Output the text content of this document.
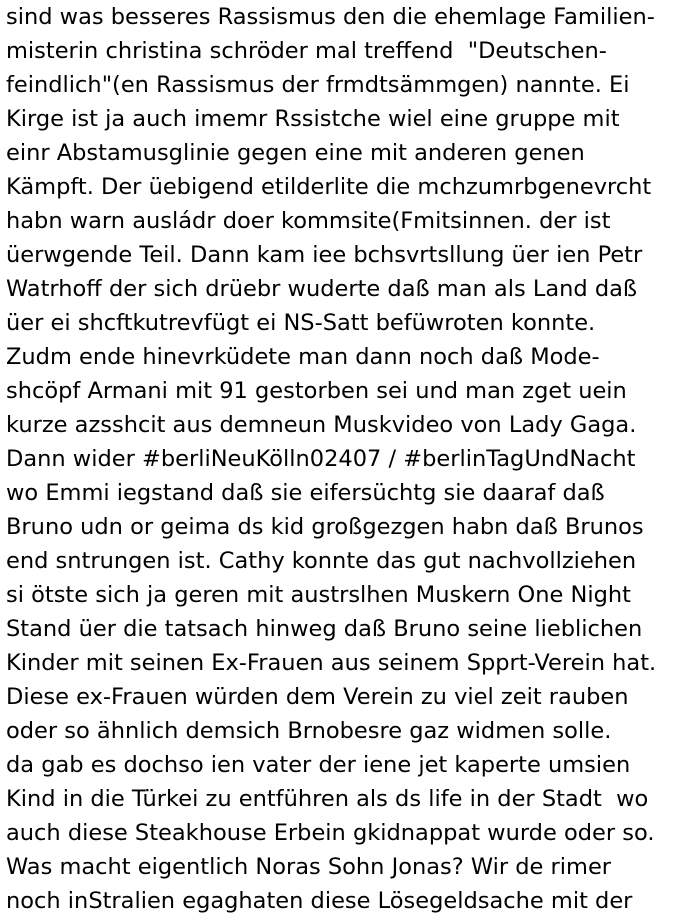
sind was besseres Rassismus den die ehemlage Familien-
misterin christina schröder mal treffend  "Deutschen-
feindlich"(en Rassismus der frmdtsämmgen) nannte. Ei
Kirge ist ja auch imemr Rssistche wiel eine gruppe mit
einr Abstamusglinie gegen eine mit anderen genen
Kämpft. Der üebigend etilderlite die mchzumrbgenevrcht
habn warn ausládr doer kommsite(Fmitsinnen. der ist
üerwgende Teil. Dann kam iee bchsvrtsllung üer ien Petr
Watrhoff der sich drüebr wuderte daß man als Land daß
üer ei shcftkutrevfügt ei NS-Satt befüwroten konnte.
Zudm ende hinevrküdete man dann noch daß Mode-
shcöpf Armani mit 91 gestorben sei und man zget uein
kurze azsshcit aus demneun Muskvideo von Lady Gaga.
Dann wider #berliNeuKölln02407 / #berlinTagUndNacht
wo Emmi iegstand daß sie eifersüchtg sie daaraf daß
Bruno udn or geima ds kid großgezgen habn daß Brunos
end sntrungen ist. Cathy konnte das gut nachvollziehen
si ötste sich ja geren mit austrslhen Muskern One Night
Stand üer die tatsach hinweg daß Bruno seine lieblichen
Kinder mit seinen Ex-Frauen aus seinem Spprt-Verein hat.
Diese ex-Frauen würden dem Verein zu viel zeit rauben
oder so ähnlich demsich Brnobesre gaz widmen solle.
da gab es dochso ien vater der iene jet kaperte umsien
Kind in die Türkei zu entführen als ds life in der Stadt  wo
auch diese Steakhouse Erbein gkidnappat wurde oder so.
Was macht eigentlich Noras Sohn Jonas? Wir de rimer
noch inStralien egaghaten diese Lösegeldsache mit der
